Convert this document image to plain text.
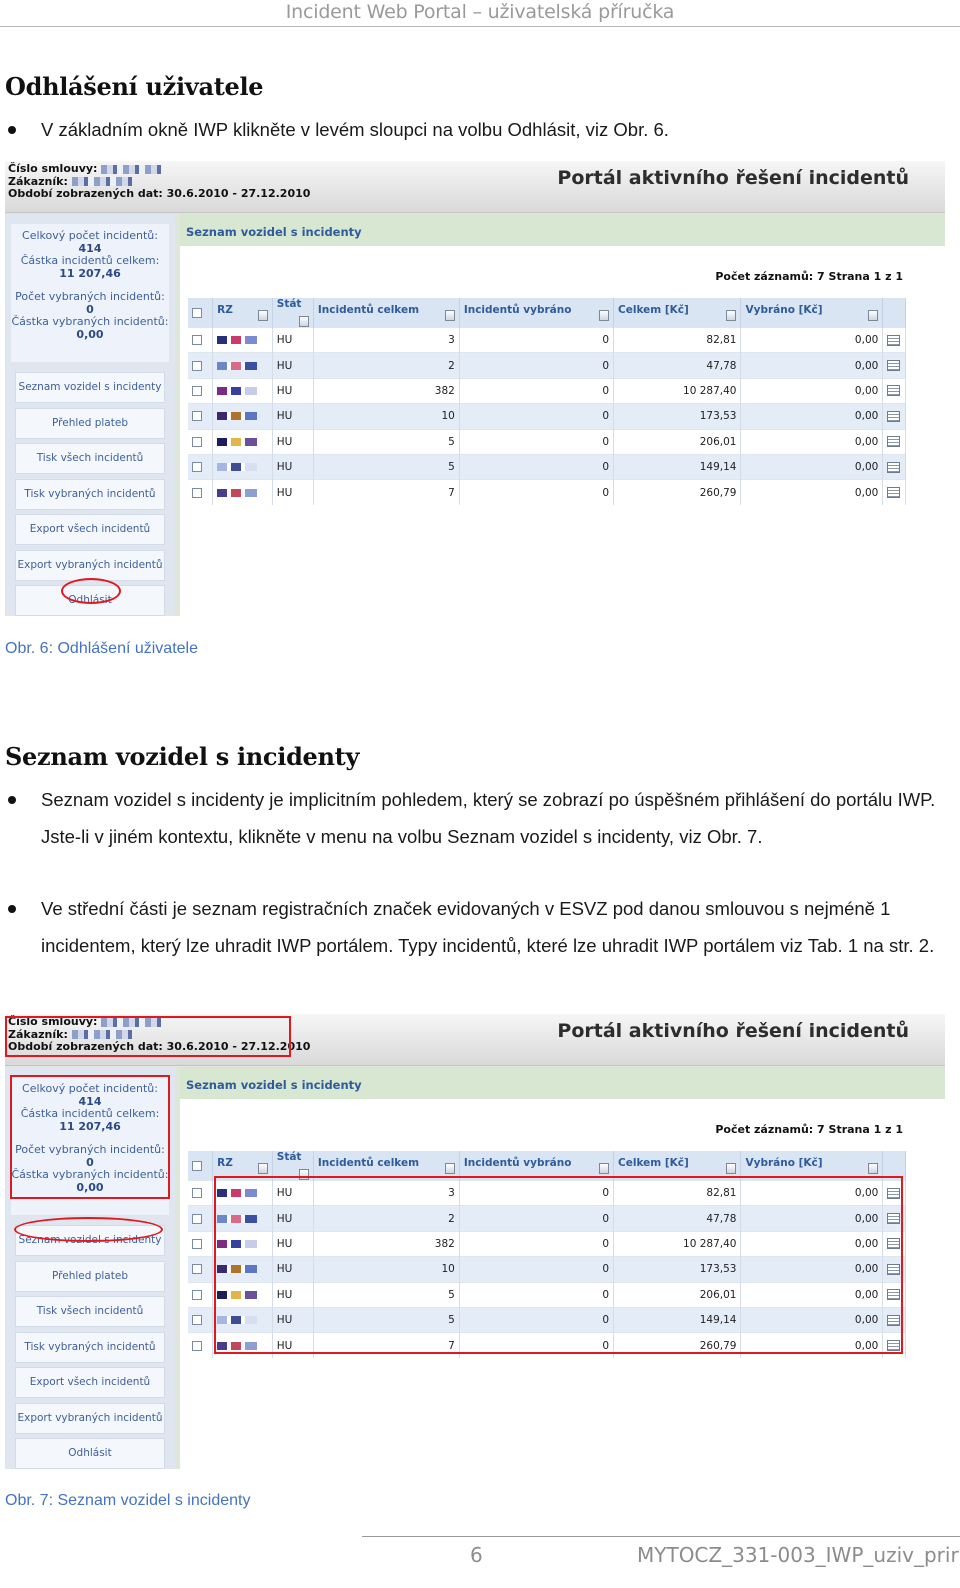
Incident Web Portal – uživatelská příručka
Odhlášení uživatele
V základním okně IWP klikněte v levém sloupci na volbu Odhlásit, viz Obr. 6.
Číslo smlouvy:
Zákazník:
Období zobrazených dat: 30.6.2010 - 27.12.2010
Portál aktivního řešení incidentů
Celkový počet incidentů:
414
Částka incidentů celkem:
11 207,46
Počet vybraných incidentů:
0
Částka vybraných incidentů:
0,00
Seznam vozidel s incidenty
Přehled plateb
Tisk všech incidentů
Tisk vybraných incidentů
Export všech incidentů
Export vybraných incidentů
Odhlásit
Seznam vozidel s incidenty
Počet záznamů: 7 Strana 1 z 1
	RZ	Stát	Incidentů celkem	Incidentů vybráno	Celkem [Kč]	Vybráno [Kč]

		HU	3	0	82,81	0,00	
		HU	2	0	47,78	0,00	
		HU	382	0	10 287,40	0,00	
		HU	10	0	173,53	0,00	
		HU	5	0	206,01	0,00	
		HU	5	0	149,14	0,00	
		HU	7	0	260,79	0,00	
Obr. 6: Odhlášení uživatele
Seznam vozidel s incidenty
Seznam vozidel s incidenty je implicitním pohledem, který se zobrazí po úspěšném přihlášení do portálu IWP. Jste-li v jiném kontextu, klikněte v menu na volbu Seznam vozidel s incidenty, viz Obr. 7.
Ve střední části je seznam registračních značek evidovaných v ESVZ pod danou smlouvou s nejméně 1 incidentem, který lze uhradit IWP portálem. Typy incidentů, které lze uhradit IWP portálem viz Tab. 1 na str. 2.
Číslo smlouvy:
Zákazník:
Období zobrazených dat: 30.6.2010 - 27.12.2010
Portál aktivního řešení incidentů
Celkový počet incidentů:
414
Částka incidentů celkem:
11 207,46
Počet vybraných incidentů:
0
Částka vybraných incidentů:
0,00
Seznam vozidel s incidenty
Přehled plateb
Tisk všech incidentů
Tisk vybraných incidentů
Export všech incidentů
Export vybraných incidentů
Odhlásit
Seznam vozidel s incidenty
Počet záznamů: 7 Strana 1 z 1
	RZ	Stát	Incidentů celkem	Incidentů vybráno	Celkem [Kč]	Vybráno [Kč]

		HU	3	0	82,81	0,00	
		HU	2	0	47,78	0,00	
		HU	382	0	10 287,40	0,00	
		HU	10	0	173,53	0,00	
		HU	5	0	206,01	0,00	
		HU	5	0	149,14	0,00	
		HU	7	0	260,79	0,00	
Obr. 7: Seznam vozidel s incidenty
6	MYTOCZ_331-003_IWP_uziv_prir
